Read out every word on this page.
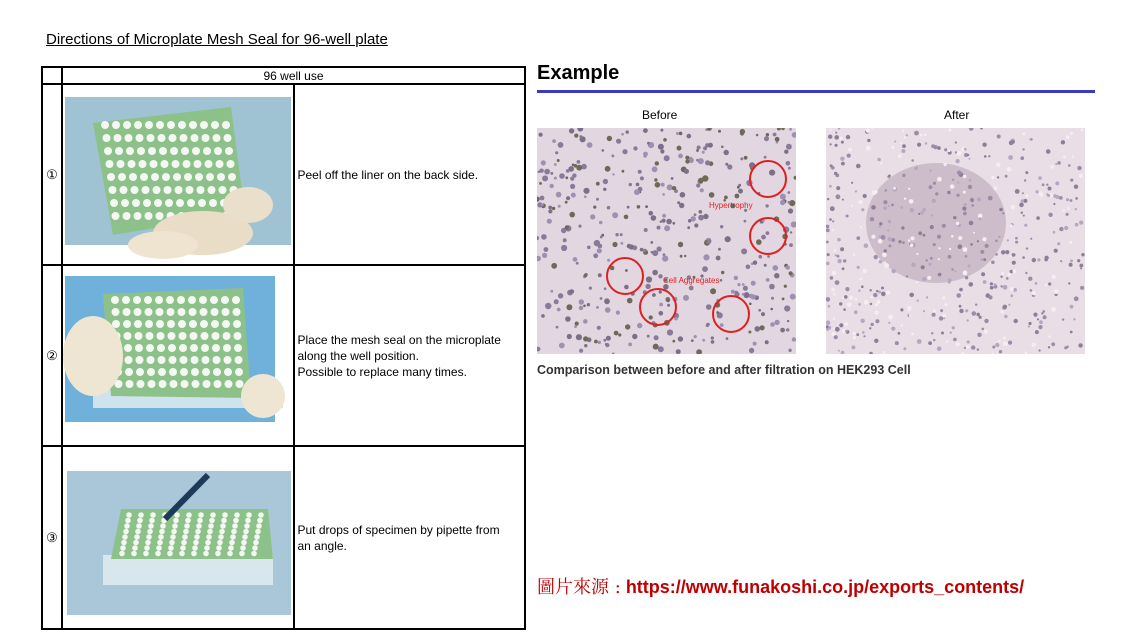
Directions of Microplate Mesh Seal for 96-well plate
	96 well use	
①		Peel off the liner on the back side.

②		Place the mesh seal on the microplate
along the well position.
Possible to replace many times.

③		Put drops of specimen by pipette from
an angle.
Example
Before	After
Hypertrophy
Cell Aggregates
Comparison between before and after filtration on HEK293 Cell
圖片來源 : https://www.funakoshi.co.jp/exports_contents/
